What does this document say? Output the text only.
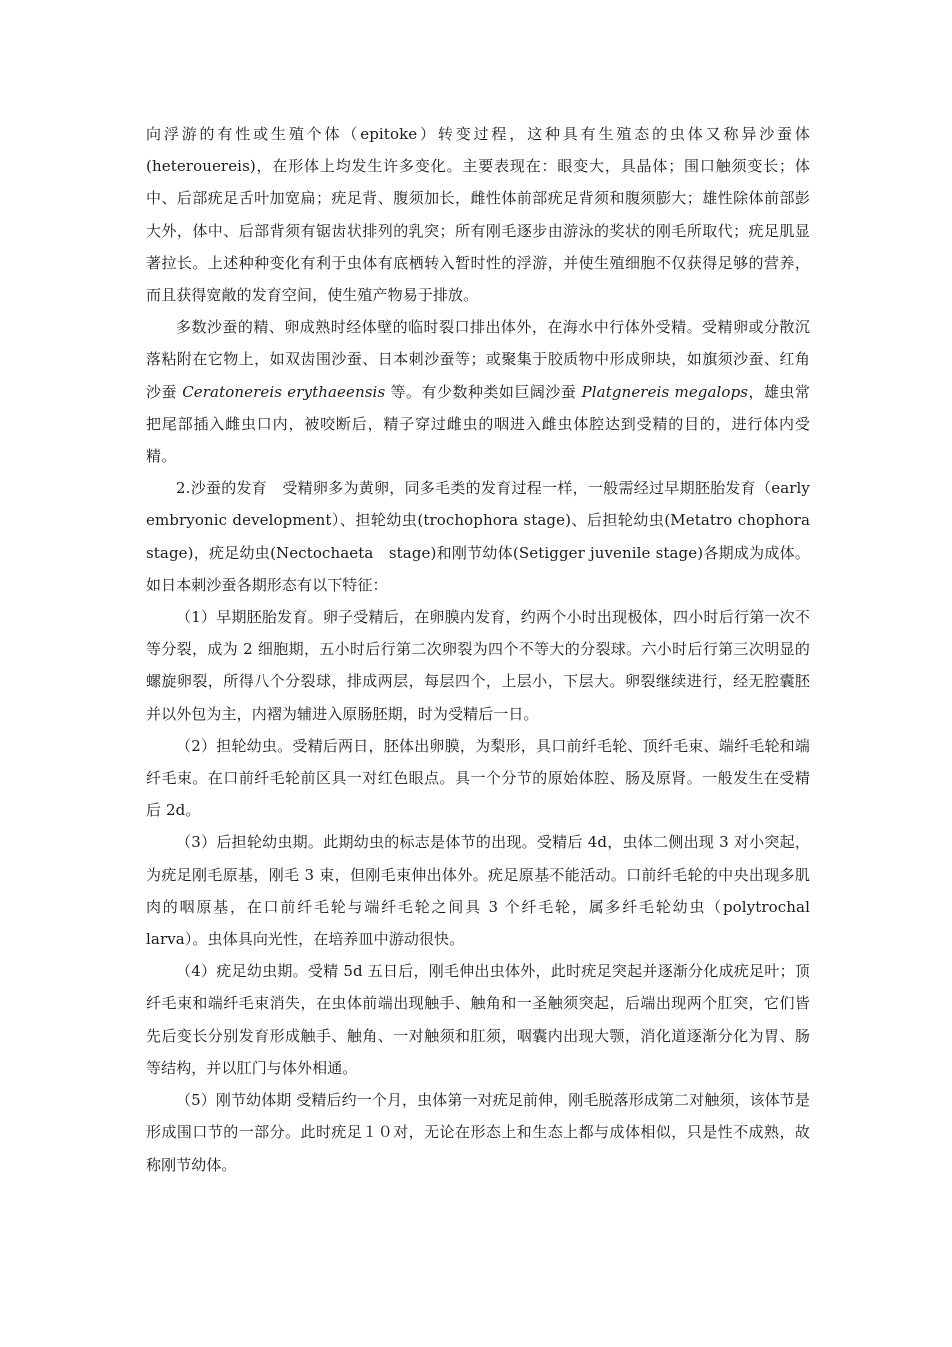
向浮游的有性或生殖个体（epitoke）转变过程，这种具有生殖态的虫体又称异沙蚕体(heterouereis)，在形体上均发生许多变化。主要表现在：眼变大，具晶体；围口触须变长；体中、后部疣足舌叶加宽扁；疣足背、腹须加长，雌性体前部疣足背须和腹须膨大；雄性除体前部彭大外，体中、后部背须有锯齿状排列的乳突；所有刚毛逐步由游泳的奖状的刚毛所取代；疣足肌显著拉长。上述种种变化有利于虫体有底栖转入暂时性的浮游，并使生殖细胞不仅获得足够的营养，而且获得宽敞的发育空间，使生殖产物易于排放。

多数沙蚕的精、卵成熟时经体壁的临时裂口排出体外，在海水中行体外受精。受精卵或分散沉落粘附在它物上，如双齿围沙蚕、日本刺沙蚕等；或聚集于胶质物中形成卵块，如旗须沙蚕、红角沙蚕 Ceratonereis erythaeensis 等。有少数种类如巨阔沙蚕 Platgnereis megalops，雄虫常把尾部插入雌虫口内，被咬断后，精子穿过雌虫的咽进入雌虫体腔达到受精的目的，进行体内受精。

2.沙蚕的发育　受精卵多为黄卵，同多毛类的发育过程一样，一般需经过早期胚胎发育（early embryonic development）、担轮幼虫(trochophora stage)、后担轮幼虫(Metatro chophora stage)，疣足幼虫(Nectochaeta　stage)和刚节幼体(Setigger juvenile stage)各期成为成体。如日本刺沙蚕各期形态有以下特征：

（1）早期胚胎发育。卵子受精后，在卵膜内发育，约两个小时出现极体，四小时后行第一次不等分裂，成为 2 细胞期，五小时后行第二次卵裂为四个不等大的分裂球。六小时后行第三次明显的螺旋卵裂，所得八个分裂球，排成两层，每层四个，上层小，下层大。卵裂继续进行，经无腔囊胚并以外包为主，内褶为辅进入原肠胚期，时为受精后一日。

（2）担轮幼虫。受精后两日，胚体出卵膜，为梨形，具口前纤毛轮、顶纤毛束、端纤毛轮和端纤毛束。在口前纤毛轮前区具一对红色眼点。具一个分节的原始体腔、肠及原肾。一般发生在受精后 2d。

（3）后担轮幼虫期。此期幼虫的标志是体节的出现。受精后 4d，虫体二侧出现 3 对小突起，为疣足刚毛原基，刚毛 3 束，但刚毛束伸出体外。疣足原基不能活动。口前纤毛轮的中央出现多肌肉的咽原基，在口前纤毛轮与端纤毛轮之间具 3 个纤毛轮，属多纤毛轮幼虫（polytrochal larva）。虫体具向光性，在培养皿中游动很快。

（4）疣足幼虫期。受精 5d 五日后，刚毛伸出虫体外，此时疣足突起并逐渐分化成疣足叶；顶纤毛束和端纤毛束消失，在虫体前端出现触手、触角和一圣触须突起，后端出现两个肛突，它们皆先后变长分别发育形成触手、触角、一对触须和肛须，咽囊内出现大颚，消化道逐渐分化为胃、肠等结构，并以肛门与体外相通。

（5）刚节幼体期 受精后约一个月，虫体第一对疣足前伸，刚毛脱落形成第二对触须，该体节是形成围口节的一部分。此时疣足１０对，无论在形态上和生态上都与成体相似，只是性不成熟，故称刚节幼体。
